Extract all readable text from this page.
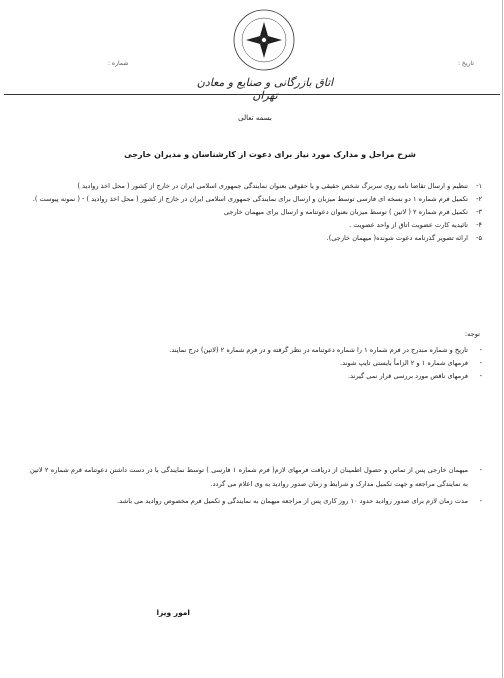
شماره :	تاریخ :
اتاق بازرگانی و صنایع و معادن تهران
بسمه تعالی
شرح مراحل و مدارک مورد نیاز برای دعوت از کارشناسان و مدیران خارجی
۱-
تنظیم و ارسال تقاضا نامه روی سربرگ شخص حقیقی و یا حقوقی بعنوان نمایندگی جمهوری اسلامی ایران در خارج از کشور ( محل اخذ روادید )
۲-
تکمیل فرم شماره ۱ دو نسخه ای فارسی توسط میزبان و ارسال برای نمایندگی جمهوری اسلامی ایران در خارج از کشور ( محل اخذ روادید ) - ( نمونه پیوست ).
۳-
تکمیل فرم شماره ۲ ( لاتین ) توسط میزبان بعنوان دعوتنامه و ارسال برای میهمان خارجی
۴-
تائیدیه کارت عضویت اتاق از واحد عضویت .
۵-
ارائه تصویر گذرنامه دعوت شونده( میهمان خارجی).
توجه:
-
تاریخ و شماره مندرج در فرم شماره ۱ را شماره دعوتنامه در نظر گرفته و در فرم شماره ۲ (لاتین) درج نمایند.
-
فرمهای شماره ۱ و ۲ الزاماً بایستی تایپ شوند.
-
فرمهای ناقص مورد بررسی قرار نمی گیرند.
-
میهمان خارجی پس از تماس و حصول اطمینان از دریافت فرمهای لازم( فرم شماره ۱ فارسی ) توسط نمایندگی با در دست داشتن دعوتنامه فرم شماره ۲ لاتین به نمایندگی مراجعه و جهت تکمیل مدارک و شرایط و زمان صدور روادید به وی اعلام می گردد.
-
مدت زمان لازم برای صدور روادید حدود ۱۰ روز کاری پس از مراجعه میهمان به نمایندگی و تکمیل فرم مخصوص روادید می باشد.
امور ویزا
